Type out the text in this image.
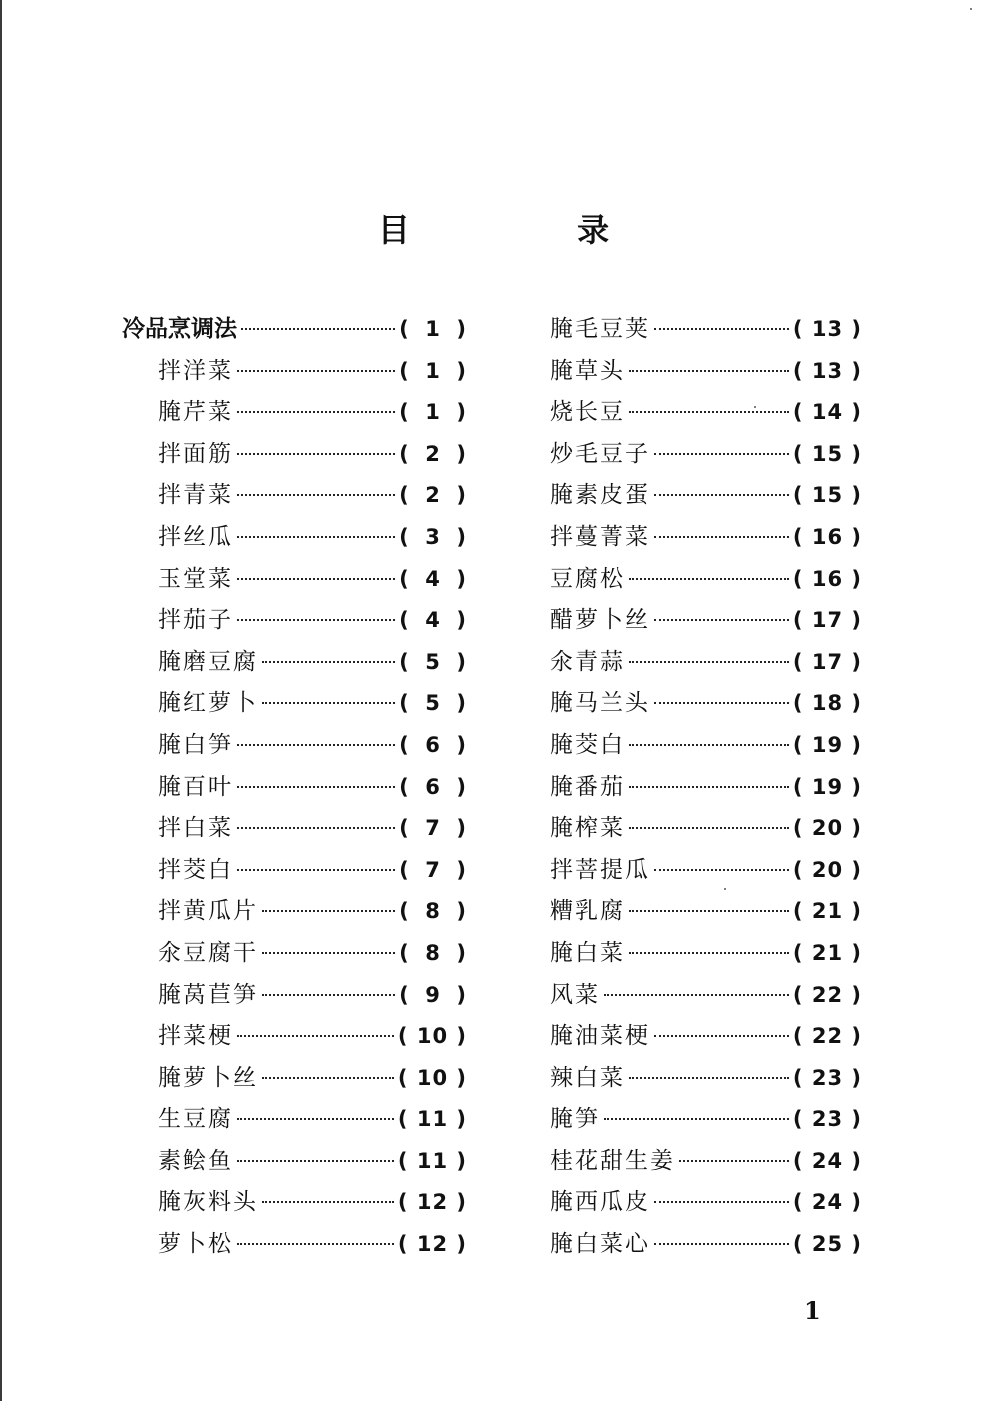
目 录
冷品烹调法	( 1 )
拌洋菜	( 1 )
腌芹菜	( 1 )
拌面筋	( 2 )
拌青菜	( 2 )
拌丝瓜	( 3 )
玉堂菜	( 4 )
拌茄子	( 4 )
腌磨豆腐	( 5 )
腌红萝卜	( 5 )
腌白笋	( 6 )
腌百叶	( 6 )
拌白菜	( 7 )
拌茭白	( 7 )
拌黄瓜片	( 8 )
氽豆腐干	( 8 )
腌莴苣笋	( 9 )
拌菜梗	( 10 )
腌萝卜丝	( 10 )
生豆腐	( 11 )
素鲙鱼	( 11 )
腌灰料头	( 12 )
萝卜松	( 12 )
腌毛豆荚	( 13 )
腌草头	( 13 )
烧长豆	( 14 )
炒毛豆子	( 15 )
腌素皮蛋	( 15 )
拌蔓菁菜	( 16 )
豆腐松	( 16 )
醋萝卜丝	( 17 )
氽青蒜	( 17 )
腌马兰头	( 18 )
腌茭白	( 19 )
腌番茄	( 19 )
腌榨菜	( 20 )
拌菩提瓜	( 20 )
糟乳腐	( 21 )
腌白菜	( 21 )
风菜	( 22 )
腌油菜梗	( 22 )
辣白菜	( 23 )
腌笋	( 23 )
桂花甜生姜	( 24 )
腌西瓜皮	( 24 )
腌白菜心	( 25 )
1
